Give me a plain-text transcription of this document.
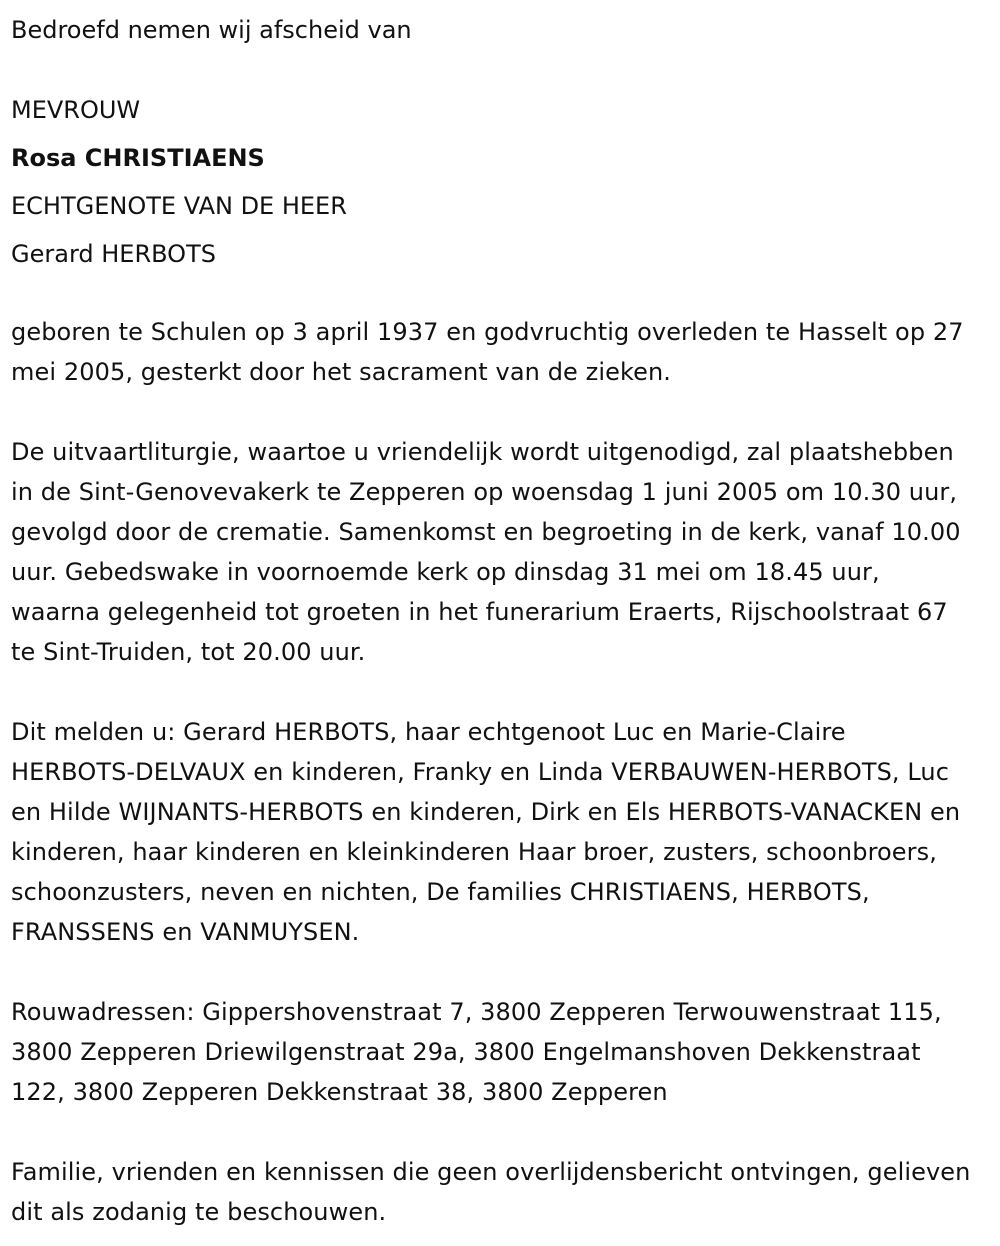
Bedroefd nemen wij afscheid van

MEVROUW

Rosa CHRISTIAENS

ECHTGENOTE VAN DE HEER

Gerard HERBOTS

geboren te Schulen op 3 april 1937 en godvruchtig overleden te Hasselt op 27 mei 2005, gesterkt door het sacrament van de zieken.

De uitvaartliturgie, waartoe u vriendelijk wordt uitgenodigd, zal plaatshebben in de Sint-Genovevakerk te Zepperen op woensdag 1 juni 2005 om 10.30 uur, gevolgd door de crematie. Samenkomst en begroeting in de kerk, vanaf 10.00 uur. Gebedswake in voornoemde kerk op dinsdag 31 mei om 18.45 uur, waarna gelegenheid tot groeten in het funerarium Eraerts, Rijschoolstraat 67 te Sint-Truiden, tot 20.00 uur.

Dit melden u: Gerard HERBOTS, haar echtgenoot Luc en Marie-Claire HERBOTS-DELVAUX en kinderen, Franky en Linda VERBAUWEN-HERBOTS, Luc en Hilde WIJNANTS-HERBOTS en kinderen, Dirk en Els HERBOTS-VANACKEN en kinderen, haar kinderen en kleinkinderen Haar broer, zusters, schoonbroers, schoonzusters, neven en nichten, De families CHRISTIAENS, HERBOTS, FRANSSENS en VANMUYSEN.

Rouwadressen: Gippershovenstraat 7, 3800 Zepperen Terwouwenstraat 115, 3800 Zepperen Driewilgenstraat 29a, 3800 Engelmanshoven Dekkenstraat 122, 3800 Zepperen Dekkenstraat 38, 3800 Zepperen

Familie, vrienden en kennissen die geen overlijdensbericht ontvingen, gelieven dit als zodanig te beschouwen.
